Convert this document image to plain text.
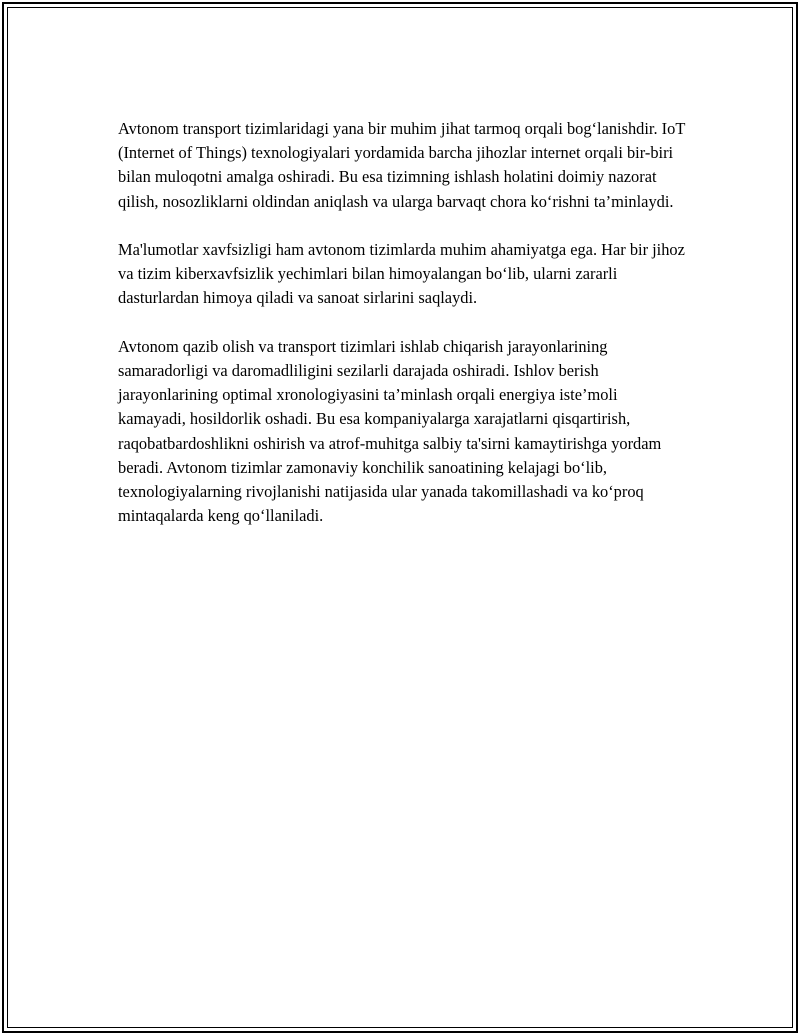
Avtonom transport tizimlaridagi yana bir muhim jihat tarmoq orqali bog‘lanishdir. IoT (Internet of Things) texnologiyalari yordamida barcha jihozlar internet orqali bir-biri bilan muloqotni amalga oshiradi. Bu esa tizimning ishlash holatini doimiy nazorat qilish, nosozliklarni oldindan aniqlash va ularga barvaqt chora ko‘rishni ta’minlaydi.

Ma'lumotlar xavfsizligi ham avtonom tizimlarda muhim ahamiyatga ega. Har bir jihoz va tizim kiberxavfsizlik yechimlari bilan himoyalangan bo‘lib, ularni zararli dasturlardan himoya qiladi va sanoat sirlarini saqlaydi.

Avtonom qazib olish va transport tizimlari ishlab chiqarish jarayonlarining samaradorligi va daromadliligini sezilarli darajada oshiradi. Ishlov berish jarayonlarining optimal xronologiyasini ta’minlash orqali energiya iste’moli kamayadi, hosildorlik oshadi. Bu esa kompaniyalarga xarajatlarni qisqartirish, raqobatbardoshlikni oshirish va atrof-muhitga salbiy ta'sirni kamaytirishga yordam beradi. Avtonom tizimlar zamonaviy konchilik sanoatining kelajagi bo‘lib, texnologiyalarning rivojlanishi natijasida ular yanada takomillashadi va ko‘proq mintaqalarda keng qo‘llaniladi.
